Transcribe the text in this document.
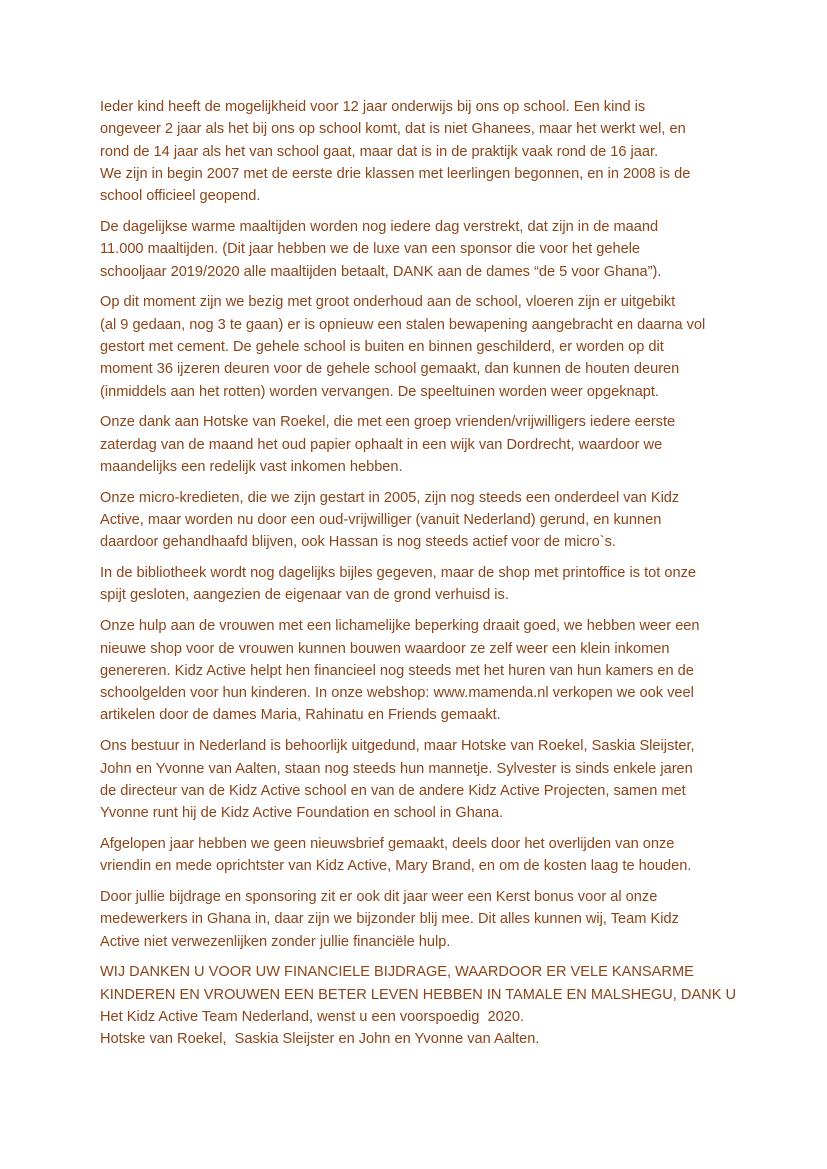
Ieder kind heeft de mogelijkheid voor 12 jaar onderwijs bij ons op school. Een kind is
ongeveer 2 jaar als het bij ons op school komt, dat is niet Ghanees, maar het werkt wel, en
rond de 14 jaar als het van school gaat, maar dat is in de praktijk vaak rond de 16 jaar.
We zijn in begin 2007 met de eerste drie klassen met leerlingen begonnen, en in 2008 is de
school officieel geopend.
De dagelijkse warme maaltijden worden nog iedere dag verstrekt, dat zijn in de maand
11.000 maaltijden. (Dit jaar hebben we de luxe van een sponsor die voor het gehele
schooljaar 2019/2020 alle maaltijden betaalt, DANK aan de dames “de 5 voor Ghana”).
Op dit moment zijn we bezig met groot onderhoud aan de school, vloeren zijn er uitgebikt
(al 9 gedaan, nog 3 te gaan) er is opnieuw een stalen bewapening aangebracht en daarna vol
gestort met cement. De gehele school is buiten en binnen geschilderd, er worden op dit
moment 36 ijzeren deuren voor de gehele school gemaakt, dan kunnen de houten deuren
(inmiddels aan het rotten) worden vervangen. De speeltuinen worden weer opgeknapt.
Onze dank aan Hotske van Roekel, die met een groep vrienden/vrijwilligers iedere eerste
zaterdag van de maand het oud papier ophaalt in een wijk van Dordrecht, waardoor we
maandelijks een redelijk vast inkomen hebben.
Onze micro-kredieten, die we zijn gestart in 2005, zijn nog steeds een onderdeel van Kidz
Active, maar worden nu door een oud-vrijwilliger (vanuit Nederland) gerund, en kunnen
daardoor gehandhaafd blijven, ook Hassan is nog steeds actief voor de micro`s.
In de bibliotheek wordt nog dagelijks bijles gegeven, maar de shop met printoffice is tot onze
spijt gesloten, aangezien de eigenaar van de grond verhuisd is.
Onze hulp aan de vrouwen met een lichamelijke beperking draait goed, we hebben weer een
nieuwe shop voor de vrouwen kunnen bouwen waardoor ze zelf weer een klein inkomen
genereren. Kidz Active helpt hen financieel nog steeds met het huren van hun kamers en de
schoolgelden voor hun kinderen. In onze webshop: www.mamenda.nl verkopen we ook veel
artikelen door de dames Maria, Rahinatu en Friends gemaakt.
Ons bestuur in Nederland is behoorlijk uitgedund, maar Hotske van Roekel, Saskia Sleijster,
John en Yvonne van Aalten, staan nog steeds hun mannetje. Sylvester is sinds enkele jaren
de directeur van de Kidz Active school en van de andere Kidz Active Projecten, samen met
Yvonne runt hij de Kidz Active Foundation en school in Ghana.
Afgelopen jaar hebben we geen nieuwsbrief gemaakt, deels door het overlijden van onze
vriendin en mede oprichtster van Kidz Active, Mary Brand, en om de kosten laag te houden.
Door jullie bijdrage en sponsoring zit er ook dit jaar weer een Kerst bonus voor al onze
medewerkers in Ghana in, daar zijn we bijzonder blij mee. Dit alles kunnen wij, Team Kidz
Active niet verwezenlijken zonder jullie financiële hulp.
WIJ DANKEN U VOOR UW FINANCIELE BIJDRAGE, WAARDOOR ER VELE KANSARME
KINDEREN EN VROUWEN EEN BETER LEVEN HEBBEN IN TAMALE EN MALSHEGU, DANK U
Het Kidz Active Team Nederland, wenst u een voorspoedig  2020.
Hotske van Roekel,  Saskia Sleijster en John en Yvonne van Aalten.
